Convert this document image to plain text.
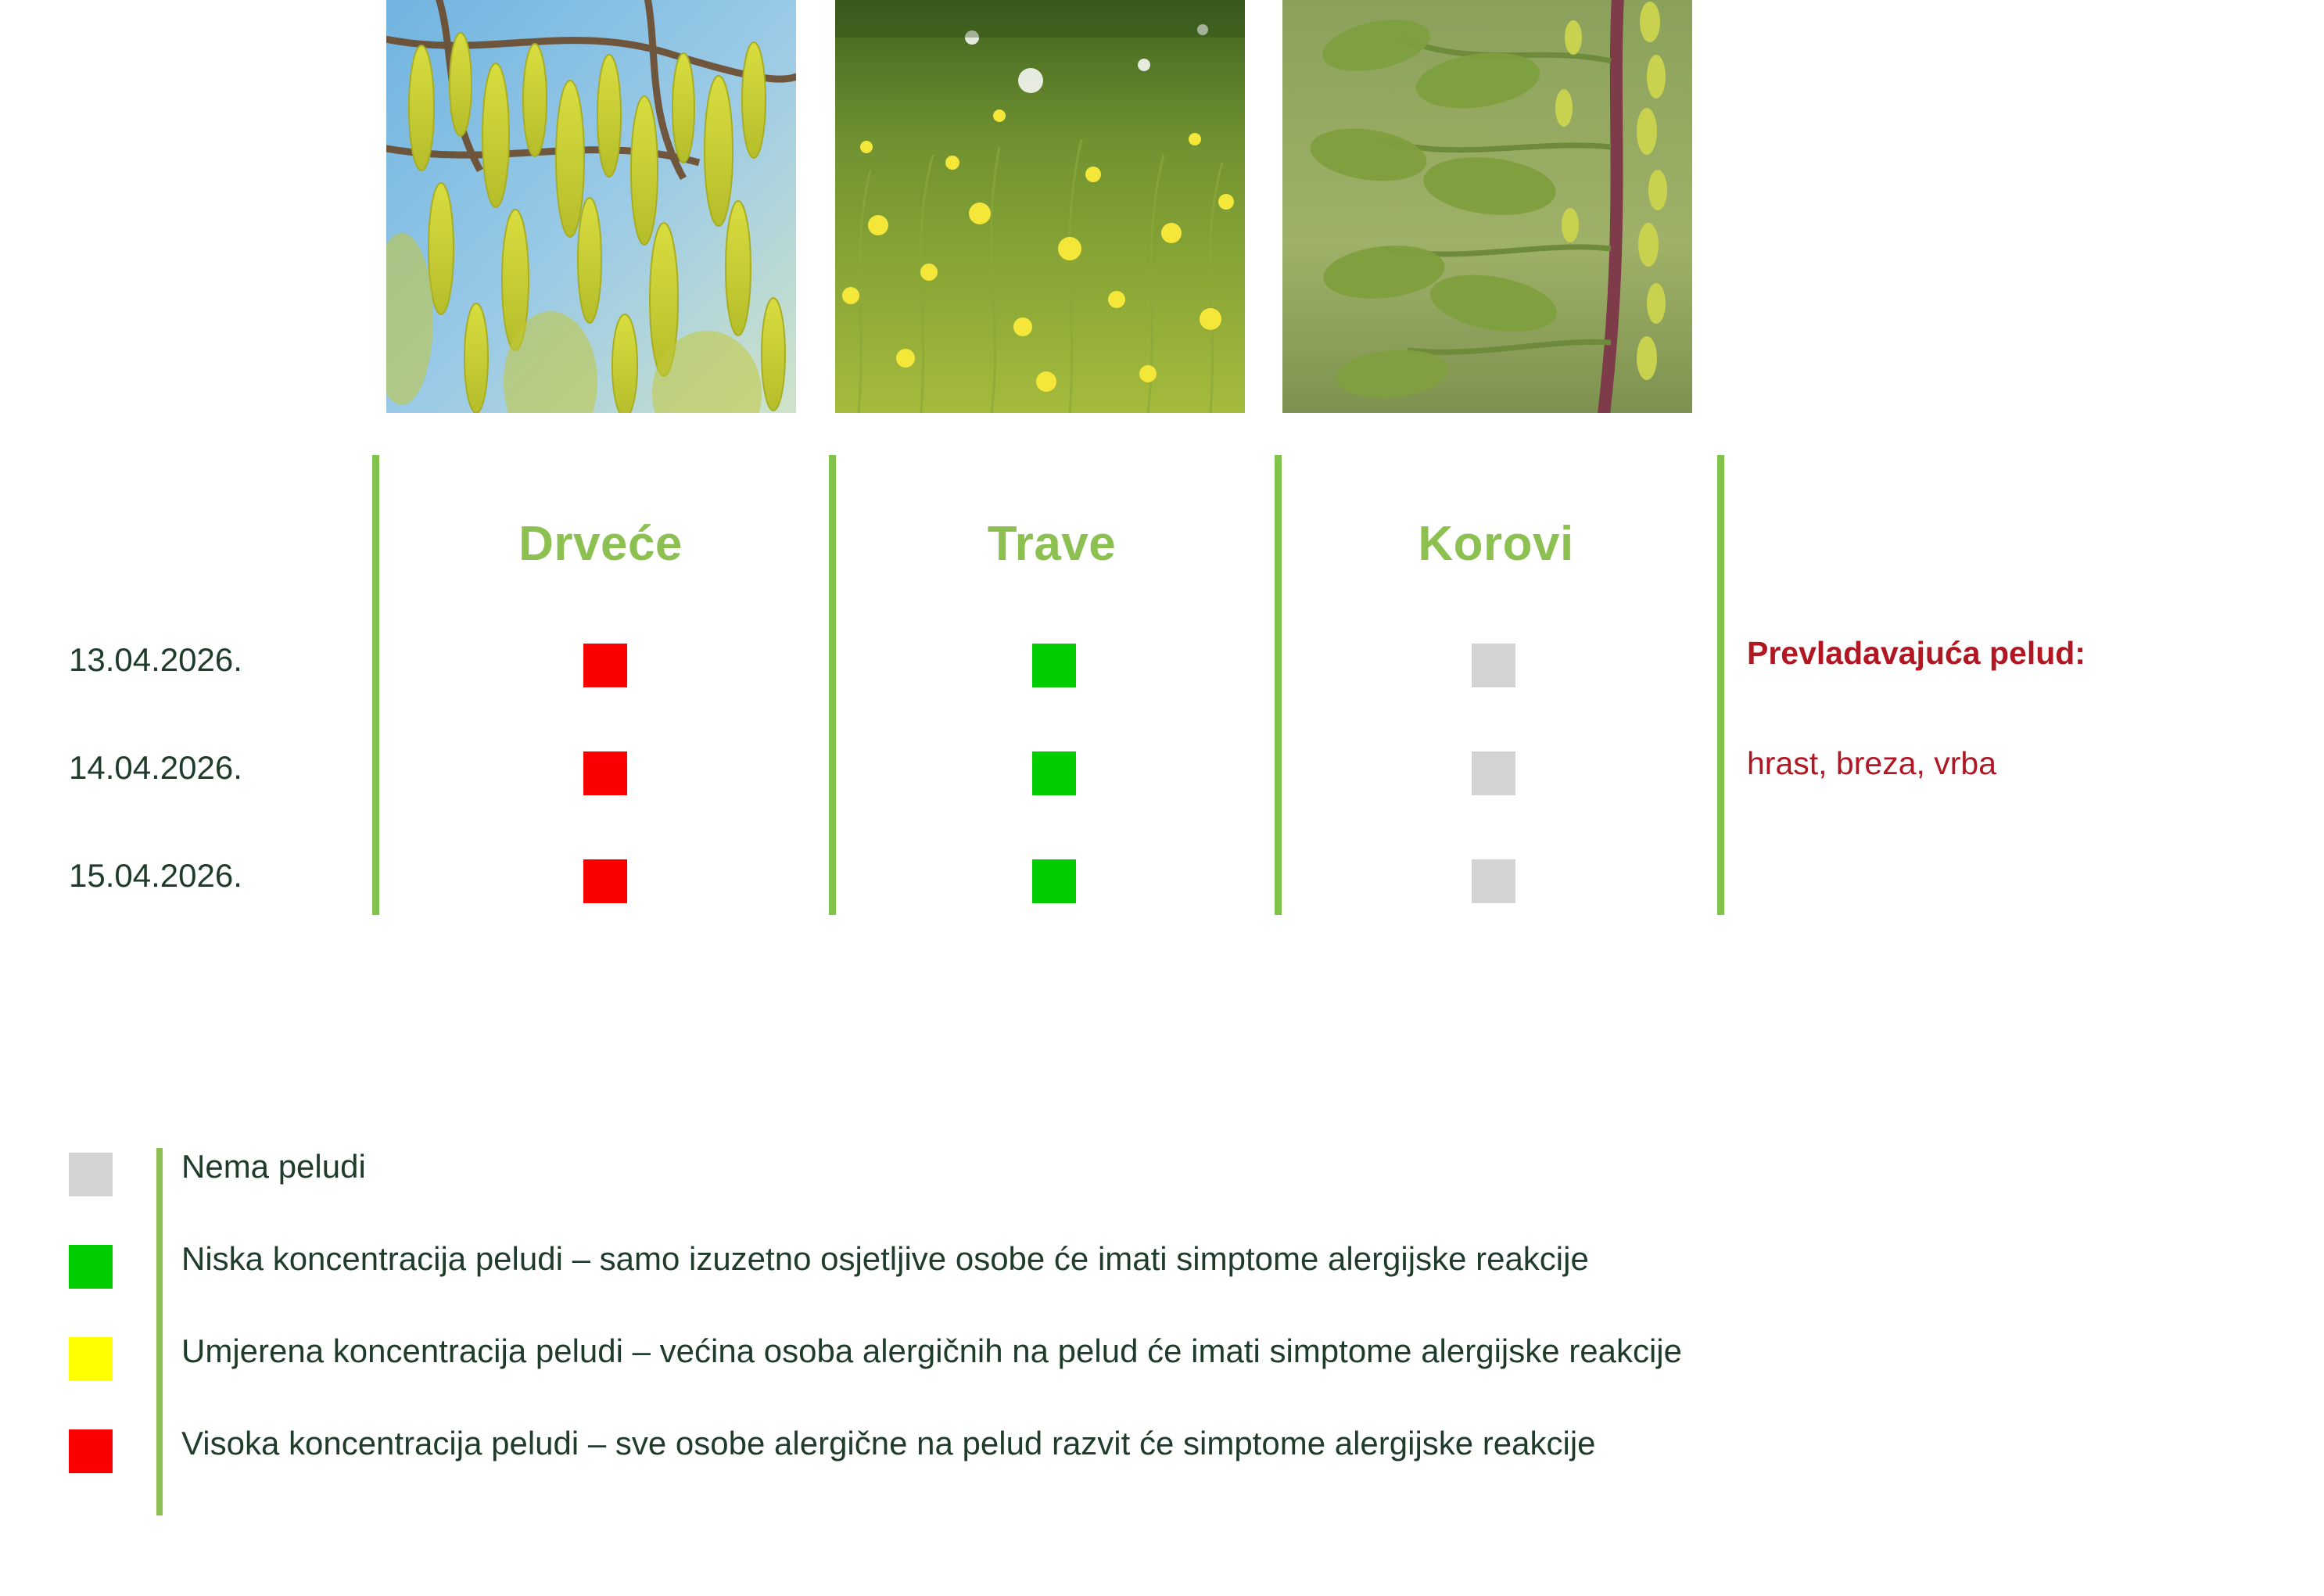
Drveće	Trave	Korovi
13.04.2026.
14.04.2026.
15.04.2026.
Prevladavajuća pelud:
hrast, breza, vrba
Nema peludi
Niska koncentracija peludi – samo izuzetno osjetljive osobe će imati simptome alergijske reakcije
Umjerena koncentracija peludi – većina osoba alergičnih na pelud će imati simptome alergijske reakcije
Visoka koncentracija peludi – sve osobe alergične na pelud razvit će simptome alergijske reakcije
